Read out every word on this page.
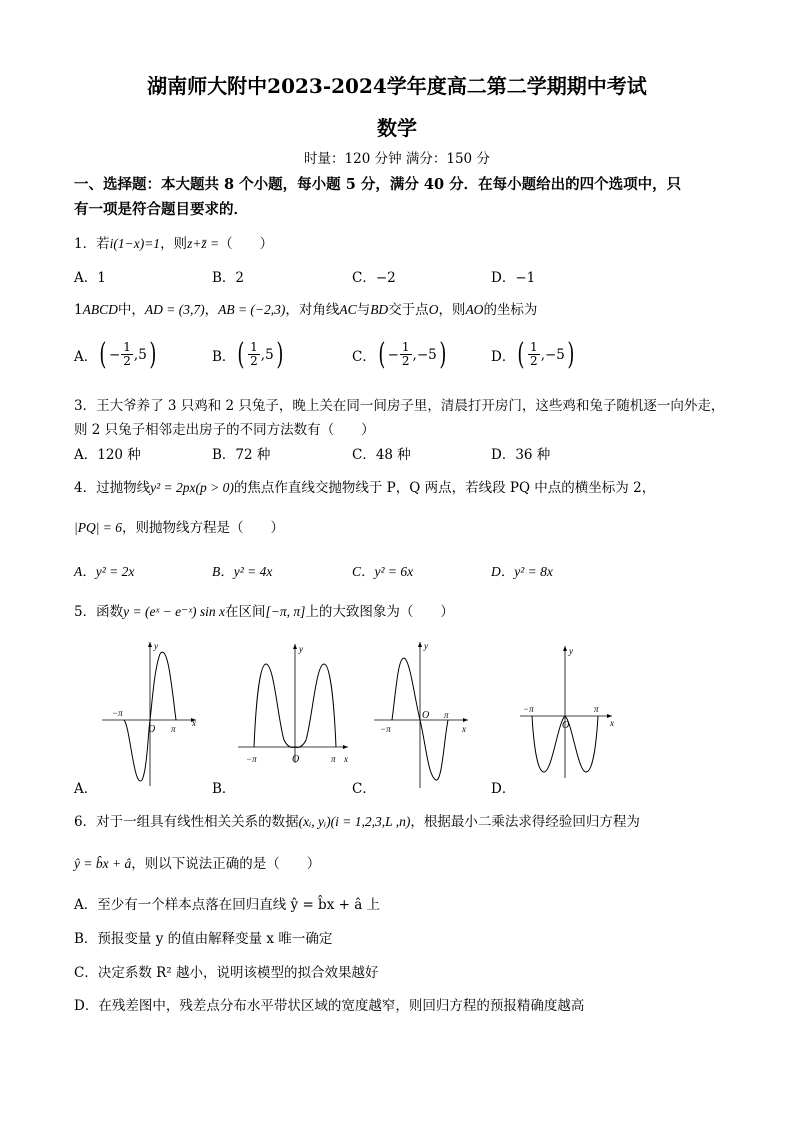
湖南师大附中2023-2024学年度高二第二学期期中考试
数学
时量：120 分钟 满分：150 分
一、选择题：本大题共 8 个小题，每小题 5 分，满分 40 分．在每小题给出的四个选项中，只
有一项是符合题目要求的．
1．若i(1−x)=1，则z+z̄ =（　　）
A．1	B．2	C．−2	D．−1
1ABCD中，AD = (3,7)，AB = (−2,3)，对角线AC与BD交于点O，则AO的坐标为
A． ( − $\frac{1}{2}$ , 5 )	B． ( $\frac{1}{2}$ , 5 )	C． ( − $\frac{1}{2}$ , −5 )	D． ( $\frac{1}{2}$ , −5 )
3．王大爷养了 3 只鸡和 2 只兔子，晚上关在同一间房子里，清晨打开房门，这些鸡和兔子随机逐一向外走，
则 2 只兔子相邻走出房子的不同方法数有（　　）
A．120 种	B．72 种	C．48 种	D．36 种
4．过抛物线y² = 2px(p > 0)的焦点作直线交抛物线于 P，Q 两点，若线段 PQ 中点的横坐标为 2，
|PQ| = 6，则抛物线方程是（　　）
A．y² = 2x	B．y² = 4x	C．y² = 6x	D．y² = 8x
5．函数y = (eˣ − e⁻ˣ) sin x在区间[−π, π]上的大致图象为（　　）
x
y
O
−π
π
A．
x
y
O
−π	π
B．
x
y
O
−π
π
C．
x
y
O
−π	π
D．
6．对于一组具有线性相关关系的数据(xᵢ, yᵢ)(i = 1,2,3,L ,n)，根据最小二乘法求得经验回归方程为
ŷ = b̂x + â，则以下说法正确的是（　　）
A．至少有一个样本点落在回归直线 ŷ = b̂x + â 上
B．预报变量 y 的值由解释变量 x 唯一确定
C．决定系数 R² 越小，说明该模型的拟合效果越好
D．在残差图中，残差点分布水平带状区域的宽度越窄，则回归方程的预报精确度越高
